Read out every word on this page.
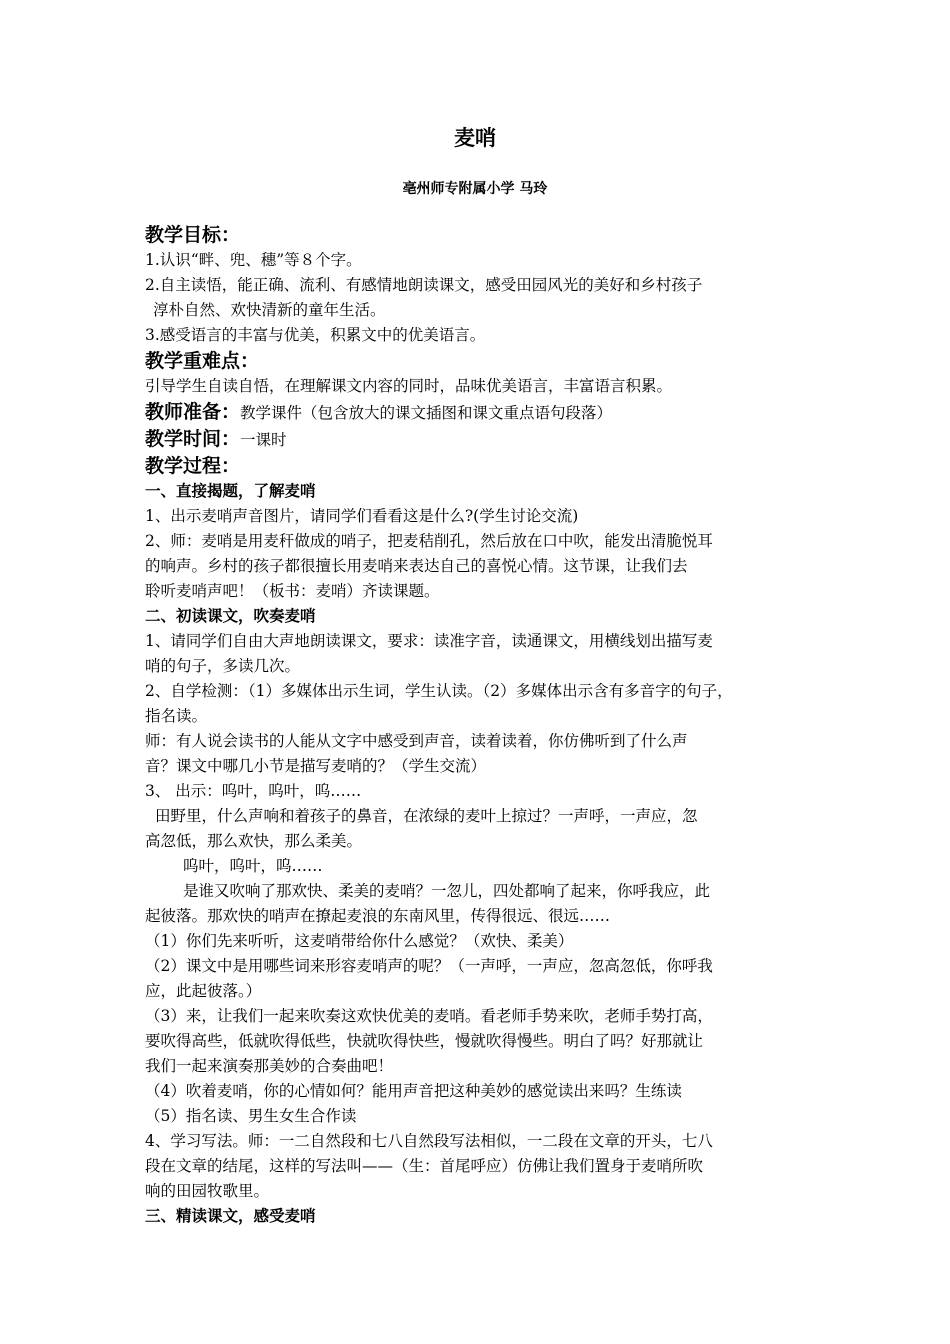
麦哨
亳州师专附属小学 马玲

教学目标：

1.认识“畔、兜、穗”等８个字。

2.自主读悟，能正确、流利、有感情地朗读课文，感受田园风光的美好和乡村孩子

淳朴自然、欢快清新的童年生活。

3.感受语言的丰富与优美，积累文中的优美语言。

教学重难点：

引导学生自读自悟，在理解课文内容的同时，品味优美语言，丰富语言积累。

教师准备：教学课件（包含放大的课文插图和课文重点语句段落）

教学时间：一课时

教学过程：

一、直接揭题，了解麦哨

1、出示麦哨声音图片，请同学们看看这是什么?(学生讨论交流)

2、师：麦哨是用麦秆做成的哨子，把麦秸削孔，然后放在口中吹，能发出清脆悦耳

的响声。乡村的孩子都很擅长用麦哨来表达自己的喜悦心情。这节课，让我们去

聆听麦哨声吧！（板书：麦哨）齐读课题。

二、初读课文，吹奏麦哨

1、请同学们自由大声地朗读课文，要求：读准字音，读通课文，用横线划出描写麦

哨的句子，多读几次。

2、自学检测：（1）多媒体出示生词，学生认读。（2）多媒体出示含有多音字的句子，

指名读。

师：有人说会读书的人能从文字中感受到声音，读着读着，你仿佛听到了什么声

音？课文中哪几小节是描写麦哨的？（学生交流）

3、 出示：呜叶，呜叶，呜……

田野里，什么声响和着孩子的鼻音，在浓绿的麦叶上掠过？一声呼，一声应，忽

高忽低，那么欢快，那么柔美。

呜叶，呜叶，呜……

是谁又吹响了那欢快、柔美的麦哨？一忽儿，四处都响了起来，你呼我应，此

起彼落。那欢快的哨声在撩起麦浪的东南风里，传得很远、很远……

（1）你们先来听听，这麦哨带给你什么感觉？（欢快、柔美）

（2）课文中是用哪些词来形容麦哨声的呢？（一声呼，一声应，忽高忽低，你呼我

应，此起彼落。）

（3）来，让我们一起来吹奏这欢快优美的麦哨。看老师手势来吹，老师手势打高，

要吹得高些，低就吹得低些，快就吹得快些，慢就吹得慢些。明白了吗？好那就让

我们一起来演奏那美妙的合奏曲吧！

（4）吹着麦哨，你的心情如何？能用声音把这种美妙的感觉读出来吗？生练读

（5）指名读、男生女生合作读

4、学习写法。师：一二自然段和七八自然段写法相似，一二段在文章的开头，七八

段在文章的结尾，这样的写法叫——（生：首尾呼应）仿佛让我们置身于麦哨所吹

响的田园牧歌里。

三、精读课文，感受麦哨
